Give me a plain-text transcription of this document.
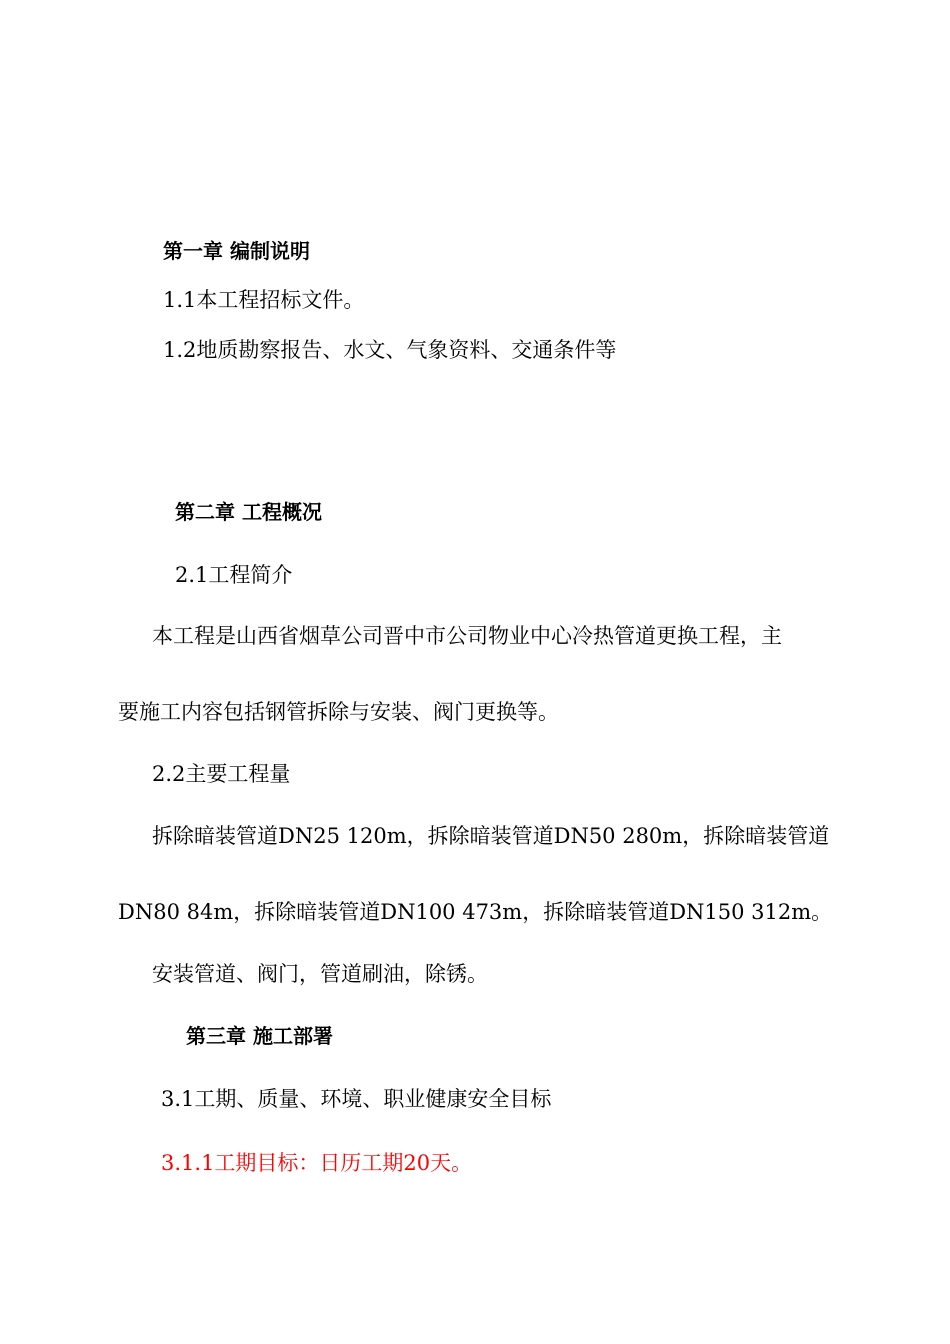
第一章 编制说明
1.1本工程招标文件。
1.2地质勘察报告、水文、气象资料、交通条件等
第二章 工程概况
2.1工程简介
本工程是山西省烟草公司晋中市公司物业中心冷热管道更换工程，主
要施工内容包括钢管拆除与安装、阀门更换等。
2.2主要工程量
拆除暗装管道DN25 120m，拆除暗装管道DN50 280m，拆除暗装管道
DN80 84m，拆除暗装管道DN100 473m，拆除暗装管道DN150 312m。
安装管道、阀门，管道刷油，除锈。
第三章 施工部署
3.1工期、质量、环境、职业健康安全目标
3.1.1工期目标：日历工期20天。
